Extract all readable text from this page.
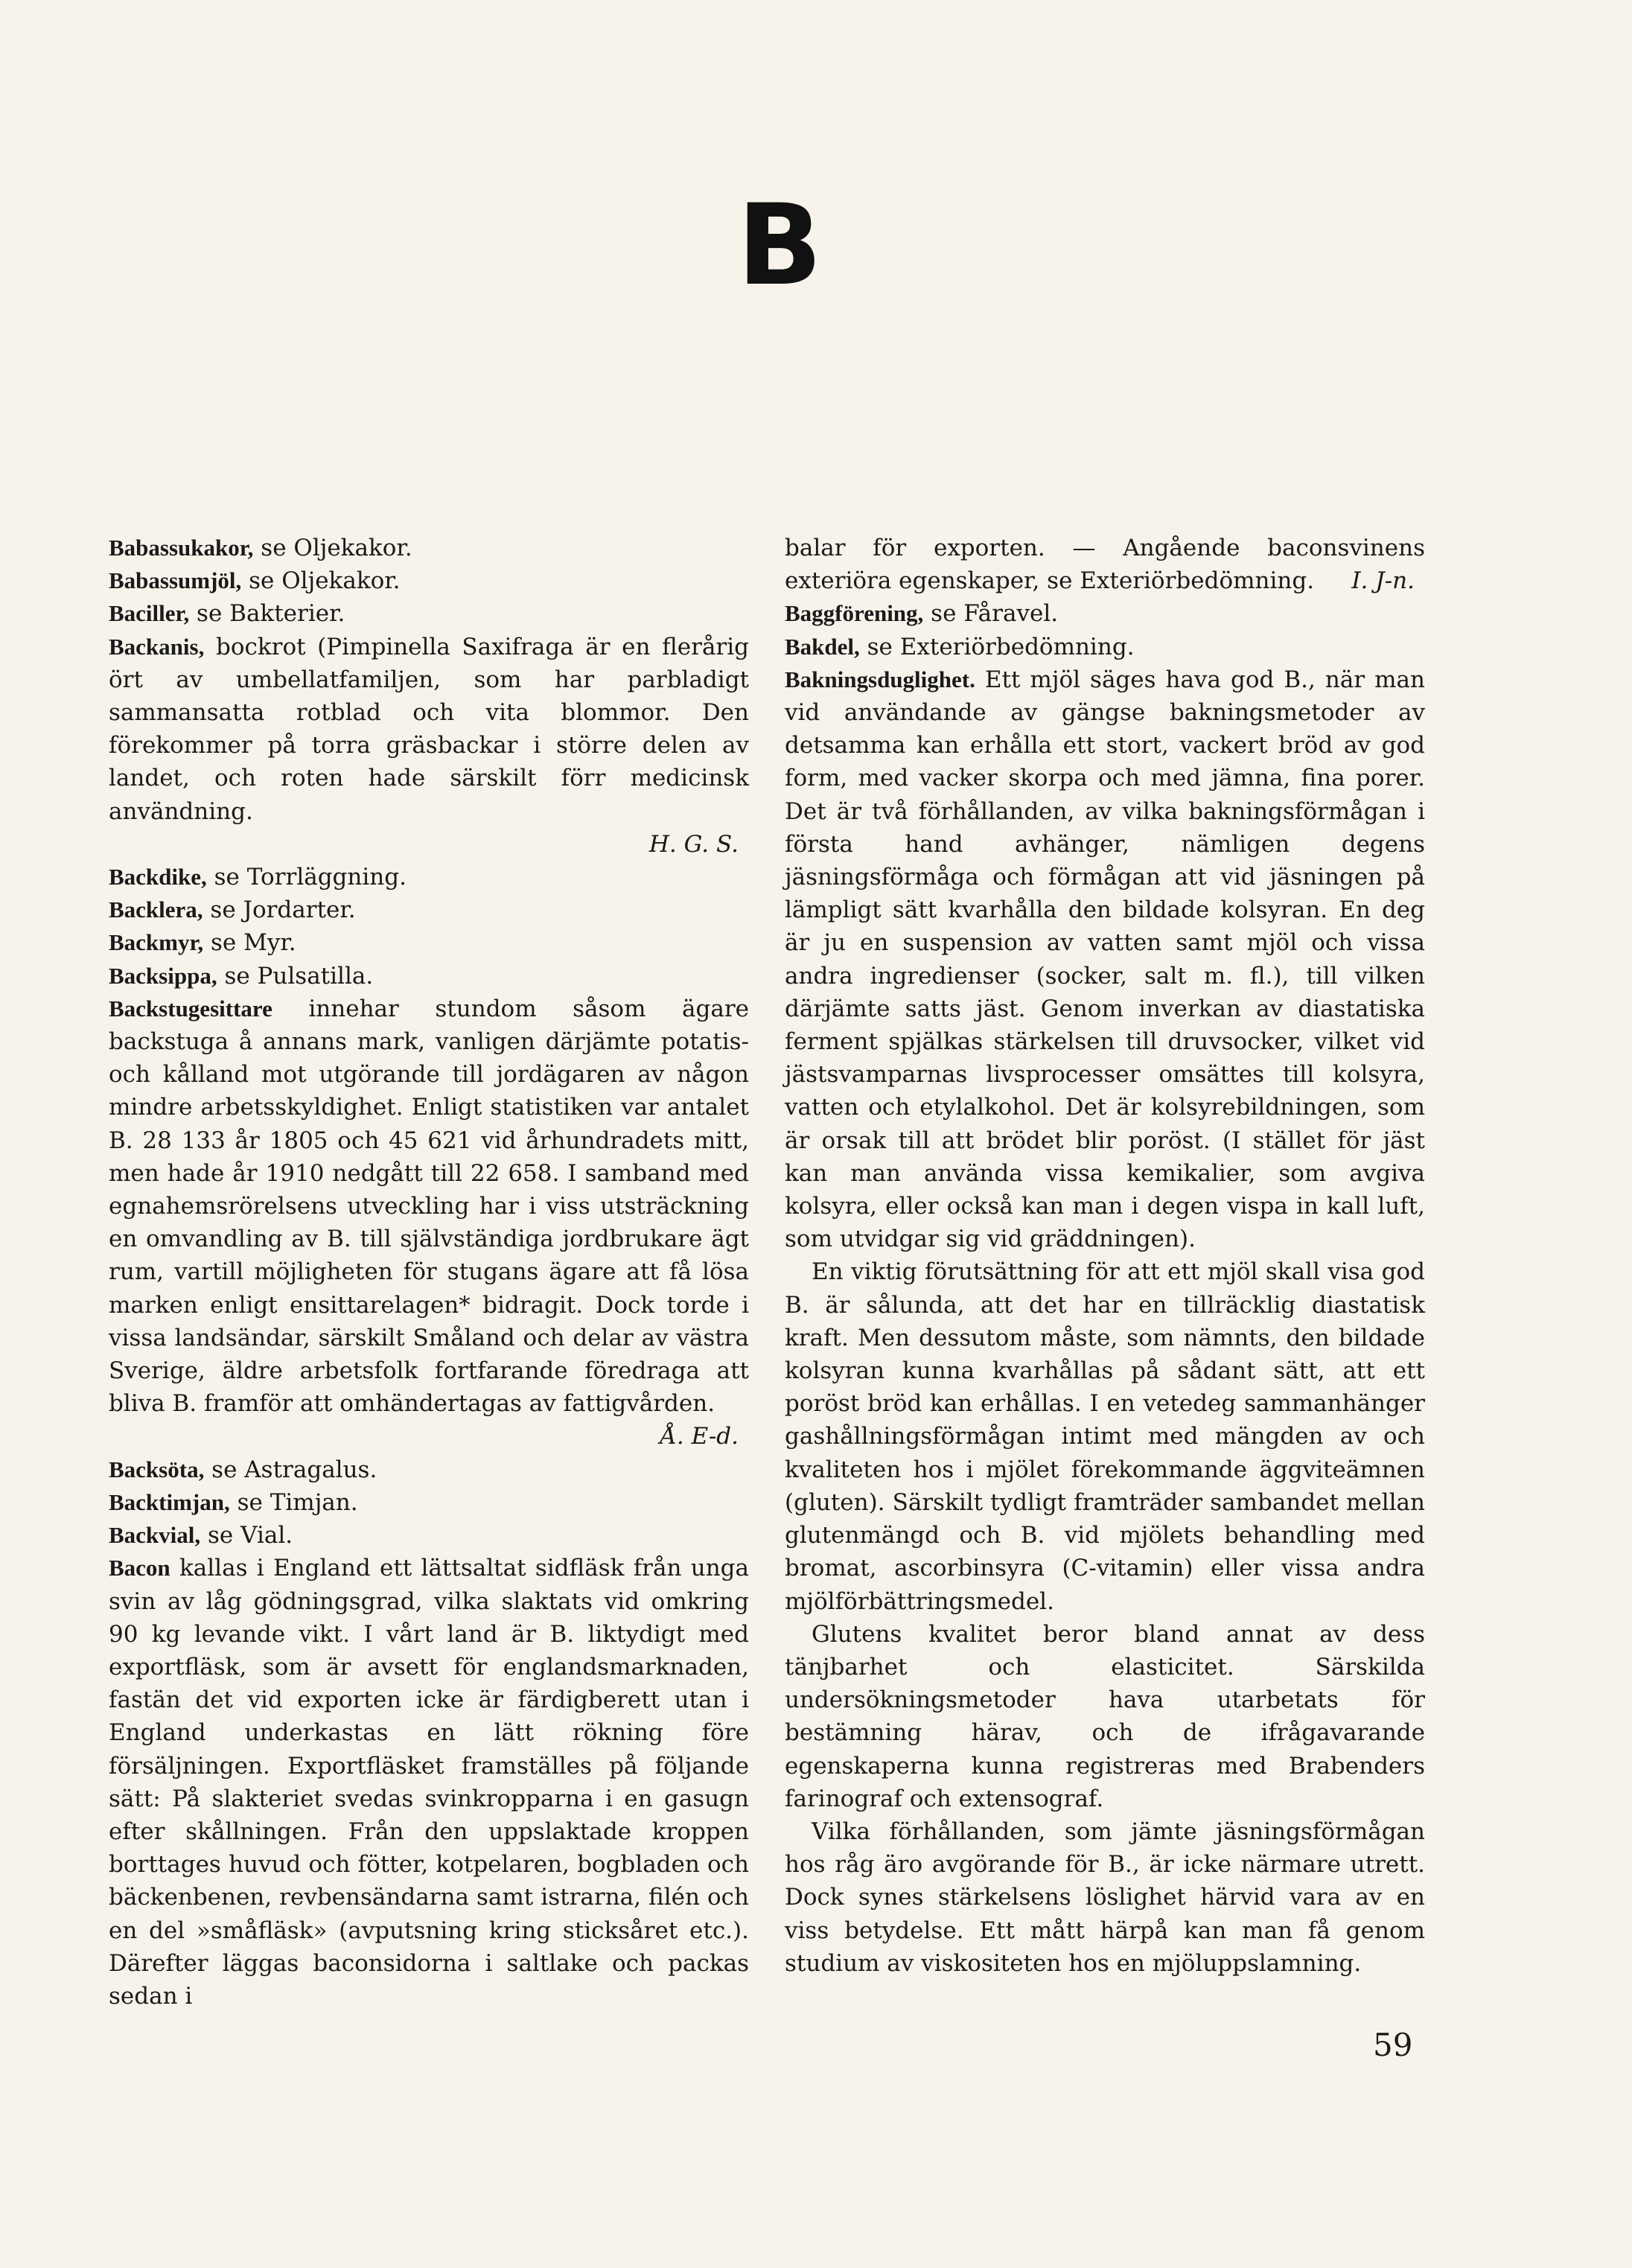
B

Babassukakor, se Oljekakor.

Babassumjöl, se Oljekakor.

Baciller, se Bakterier.

Backanis, bockrot (Pimpinella Saxifraga är en flerårig ört av umbellatfamiljen, som har parbladigt sammansatta rotblad och vita blommor. Den förekommer på torra gräsbackar i större delen av landet, och roten hade särskilt förr medicinsk användning.

H. G. S.

Backdike, se Torrläggning.

Backlera, se Jordarter.

Backmyr, se Myr.

Backsippa, se Pulsatilla.

Backstugesittare innehar stundom såsom ägare backstuga å annans mark, vanligen därjämte potatis- och kålland mot utgörande till jordägaren av någon mindre arbetsskyldighet. Enligt statistiken var antalet B. 28 133 år 1805 och 45 621 vid århundradets mitt, men hade år 1910 nedgått till 22 658. I samband med egnahemsrörelsens utveckling har i viss utsträckning en omvandling av B. till självständiga jordbrukare ägt rum, vartill möjligheten för stugans ägare att få lösa marken enligt ensittarelagen* bidragit. Dock torde i vissa landsändar, särskilt Småland och delar av västra Sverige, äldre arbetsfolk fortfarande föredraga att bliva B. framför att omhändertagas av fattigvården.

Å. E-d.

Backsöta, se Astragalus.

Backtimjan, se Timjan.

Backvial, se Vial.

Bacon kallas i England ett lättsaltat sidfläsk från unga svin av låg gödningsgrad, vilka slaktats vid omkring 90 kg levande vikt. I vårt land är B. liktydigt med exportfläsk, som är avsett för englandsmarknaden, fastän det vid exporten icke är färdigberett utan i England underkastas en lätt rökning före försäljningen. Exportfläsket framställes på följande sätt: På slakteriet svedas svinkropparna i en gasugn efter skållningen. Från den uppslaktade kroppen borttages huvud och fötter, kotpelaren, bogbladen och bäckenbenen, revbensändarna samt istrarna, filén och en del »småfläsk» (avputsning kring sticksåret etc.). Därefter läggas baconsidorna i saltlake och packas sedan i

balar för exporten. — Angående baconsvinens exteriöra egenskaper, se Exteriörbedömning. I. J-n.

Baggförening, se Fåravel.

Bakdel, se Exteriörbedömning.

Bakningsduglighet. Ett mjöl säges hava god B., när man vid användande av gängse bakningsmetoder av detsamma kan erhålla ett stort, vackert bröd av god form, med vacker skorpa och med jämna, fina porer. Det är två förhållanden, av vilka bakningsförmågan i första hand avhänger, nämligen degens jäsningsförmåga och förmågan att vid jäsningen på lämpligt sätt kvarhålla den bildade kolsyran. En deg är ju en suspension av vatten samt mjöl och vissa andra ingredienser (socker, salt m. fl.), till vilken därjämte satts jäst. Genom inverkan av diastatiska ferment spjälkas stärkelsen till druvsocker, vilket vid jästsvamparnas livsprocesser omsättes till kolsyra, vatten och etylalkohol. Det är kolsyrebildningen, som är orsak till att brödet blir poröst. (I stället för jäst kan man använda vissa kemikalier, som avgiva kolsyra, eller också kan man i degen vispa in kall luft, som utvidgar sig vid gräddningen).

En viktig förutsättning för att ett mjöl skall visa god B. är sålunda, att det har en tillräcklig diastatisk kraft. Men dessutom måste, som nämnts, den bildade kolsyran kunna kvarhållas på sådant sätt, att ett poröst bröd kan erhållas. I en vetedeg sammanhänger gashållningsförmågan intimt med mängden av och kvaliteten hos i mjölet förekommande äggviteämnen (gluten). Särskilt tydligt framträder sambandet mellan glutenmängd och B. vid mjölets behandling med bromat, ascorbinsyra (C-vitamin) eller vissa andra mjölförbättringsmedel.

Glutens kvalitet beror bland annat av dess tänjbarhet och elasticitet. Särskilda undersökningsmetoder hava utarbetats för bestämning härav, och de ifrågavarande egenskaperna kunna registreras med Brabenders farinograf och extensograf.

Vilka förhållanden, som jämte jäsningsförmågan hos råg äro avgörande för B., är icke närmare utrett. Dock synes stärkelsens löslighet härvid vara av en viss betydelse. Ett mått härpå kan man få genom studium av viskositeten hos en mjöluppslamning.

59
